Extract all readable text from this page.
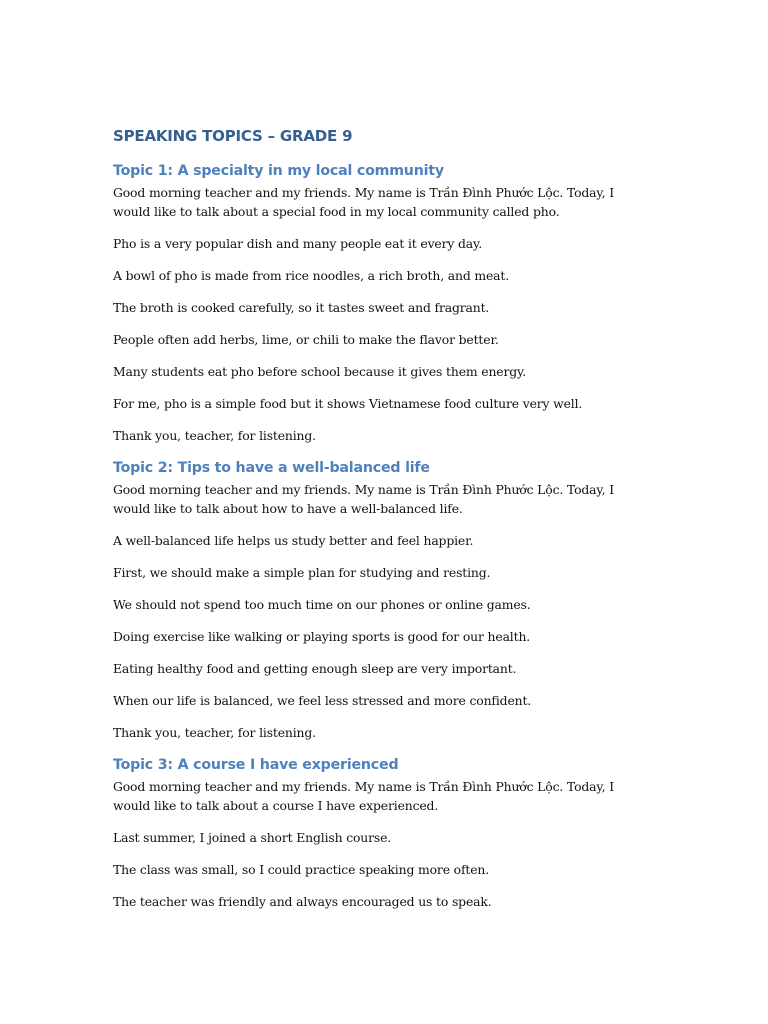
SPEAKING TOPICS – GRADE 9
Topic 1: A specialty in my local community

Good morning teacher and my friends. My name is Trần Đình Phước Lộc. Today, I would like to talk about a special food in my local community called pho.

Pho is a very popular dish and many people eat it every day.

A bowl of pho is made from rice noodles, a rich broth, and meat.

The broth is cooked carefully, so it tastes sweet and fragrant.

People often add herbs, lime, or chili to make the flavor better.

Many students eat pho before school because it gives them energy.

For me, pho is a simple food but it shows Vietnamese food culture very well.

Thank you, teacher, for listening.

Topic 2: Tips to have a well-balanced life

Good morning teacher and my friends. My name is Trần Đình Phước Lộc. Today, I would like to talk about how to have a well-balanced life.

A well-balanced life helps us study better and feel happier.

First, we should make a simple plan for studying and resting.

We should not spend too much time on our phones or online games.

Doing exercise like walking or playing sports is good for our health.

Eating healthy food and getting enough sleep are very important.

When our life is balanced, we feel less stressed and more confident.

Thank you, teacher, for listening.

Topic 3: A course I have experienced

Good morning teacher and my friends. My name is Trần Đình Phước Lộc. Today, I would like to talk about a course I have experienced.

Last summer, I joined a short English course.

The class was small, so I could practice speaking more often.

The teacher was friendly and always encouraged us to speak.
